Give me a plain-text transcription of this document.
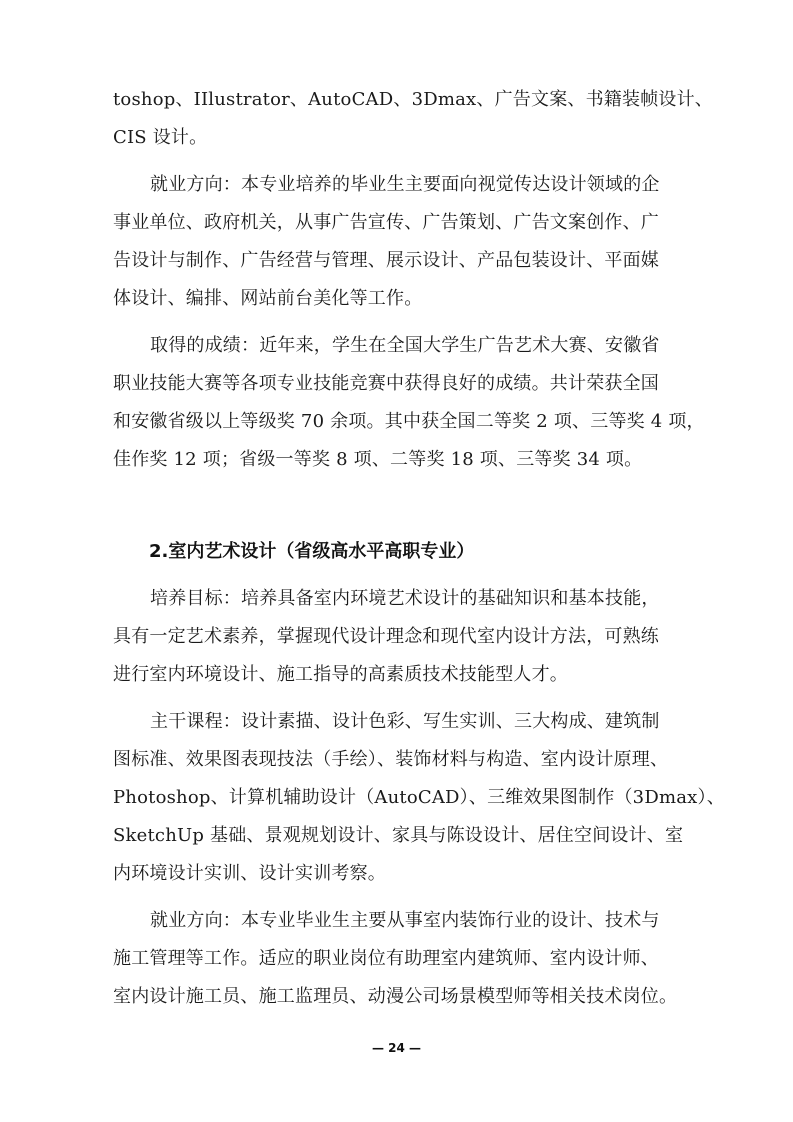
toshop、IIlustrator、AutoCAD、3Dmax、广告文案、书籍装帧设计、
CIS 设计。
就业方向：本专业培养的毕业生主要面向视觉传达设计领域的企
事业单位、政府机关，从事广告宣传、广告策划、广告文案创作、广
告设计与制作、广告经营与管理、展示设计、产品包装设计、平面媒
体设计、编排、网站前台美化等工作。
取得的成绩：近年来，学生在全国大学生广告艺术大赛、安徽省
职业技能大赛等各项专业技能竞赛中获得良好的成绩。共计荣获全国
和安徽省级以上等级奖 70 余项。其中获全国二等奖 2 项、三等奖 4 项，
佳作奖 12 项；省级一等奖 8 项、二等奖 18 项、三等奖 34 项。
2.室内艺术设计（省级高水平高职专业）
培养目标：培养具备室内环境艺术设计的基础知识和基本技能，
具有一定艺术素养，掌握现代设计理念和现代室内设计方法，可熟练
进行室内环境设计、施工指导的高素质技术技能型人才。
主干课程：设计素描、设计色彩、写生实训、三大构成、建筑制
图标准、效果图表现技法（手绘）、装饰材料与构造、室内设计原理、
Photoshop、计算机辅助设计（AutoCAD）、三维效果图制作（3Dmax）、
SketchUp 基础、景观规划设计、家具与陈设设计、居住空间设计、室
内环境设计实训、设计实训考察。
就业方向：本专业毕业生主要从事室内装饰行业的设计、技术与
施工管理等工作。适应的职业岗位有助理室内建筑师、室内设计师、
室内设计施工员、施工监理员、动漫公司场景模型师等相关技术岗位。
— 24 —
